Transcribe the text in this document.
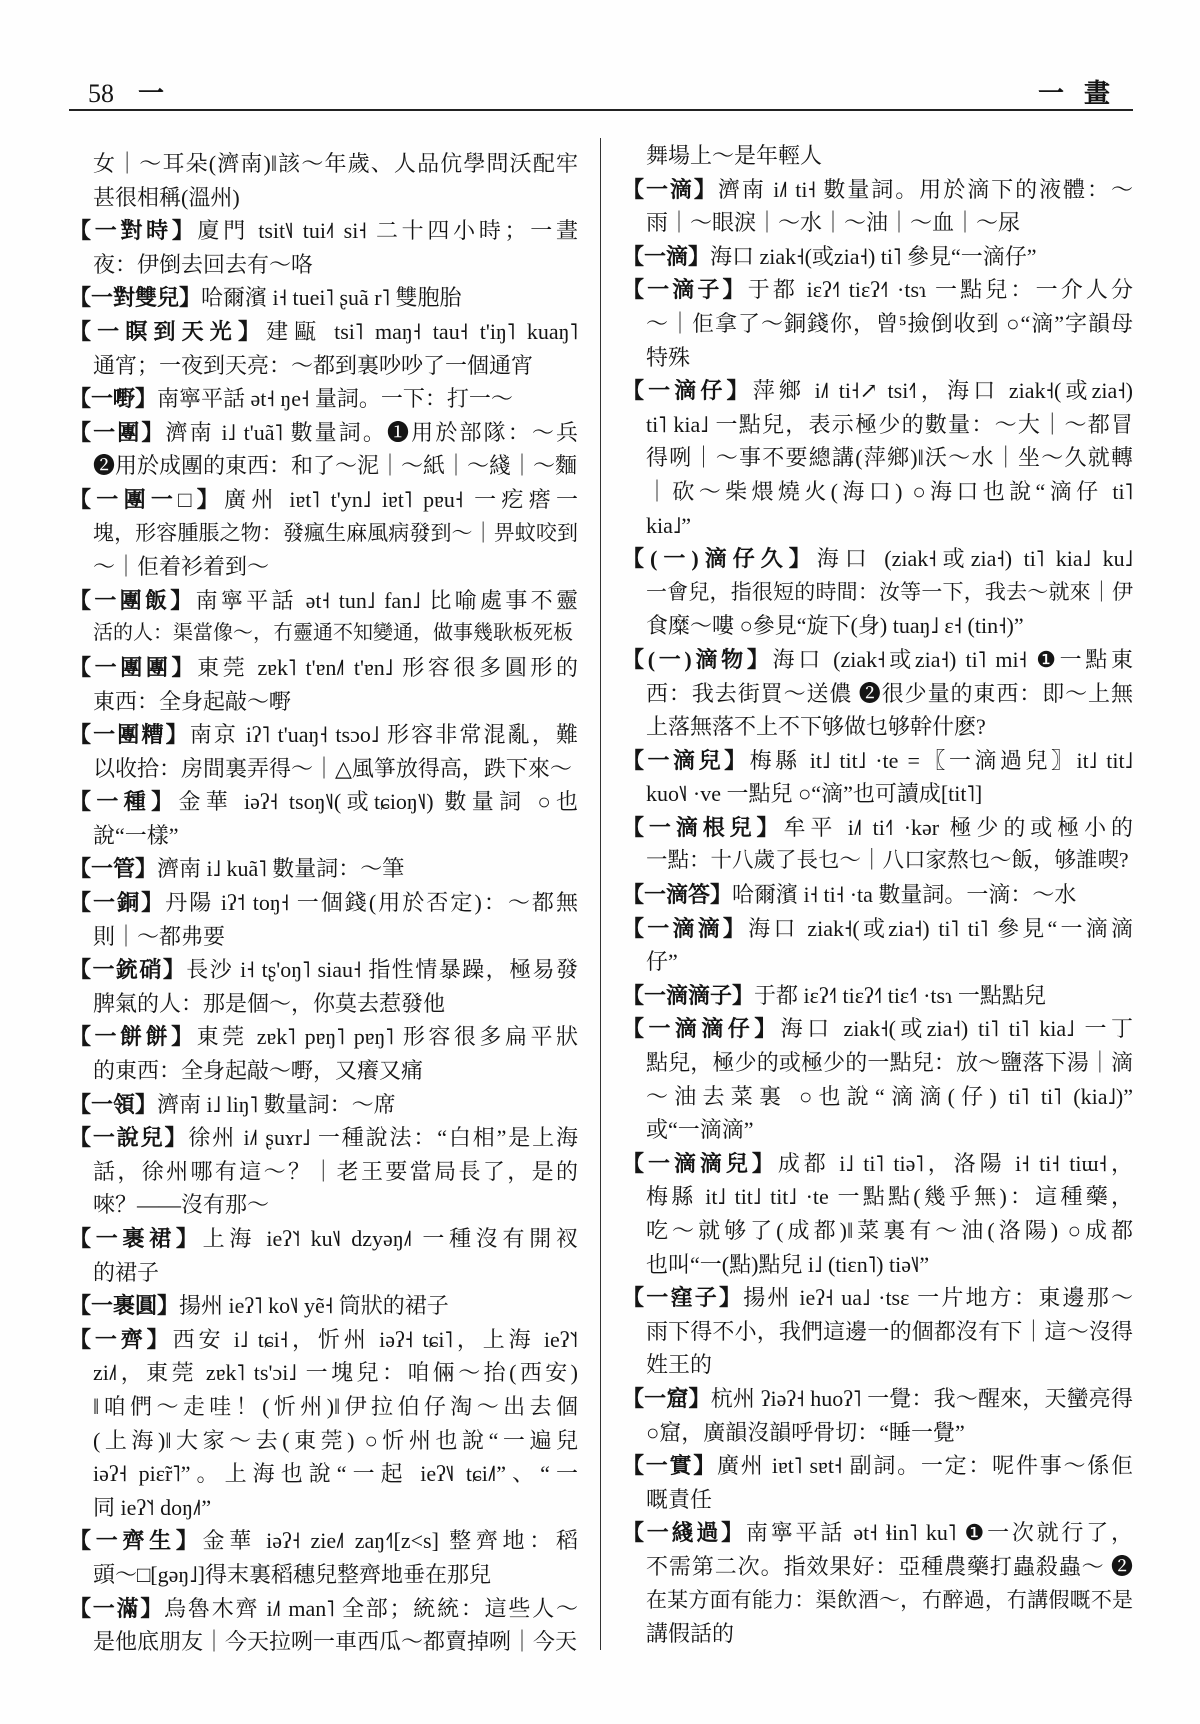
58 一	一 畫
女｜～耳朵(濟南)‖該～年歲、人品伉學問沃配牢
甚很相稱(溫州)
【一對時】廈門 tsit˥˩ tui˨˦ si˧ 二十四小時；一晝
夜：伊倒去回去有～咯
【一對雙兒】哈爾濱 i˧ tuei˥ ʂuã r˥ 雙胞胎
【一瞑到天光】建甌 tsi˥ maŋ˧ tau˧ t'iŋ˥ kuaŋ˥
通宵；一夜到天亮：～都到裏吵吵了一個通宵
【一嘢】南寧平話 ət˧ ŋe˧ 量詞。一下：打一～
【一團】濟南 i˩ t'uã˥ 數量詞。❶用於部隊：～兵
❷用於成團的東西：和了～泥｜～紙｜～綫｜～麵
【一團一□】廣州 iɐt˥ t'yn˩ iɐt˥ pɐu˧ 一疙瘩一
塊，形容腫脹之物：發瘋生麻風病發到～｜畀蚊咬到
～｜佢着衫着到～
【一團飯】南寧平話 ət˧ tun˩ fan˩ 比喻處事不靈
活的人：渠當像～，冇靈通不知變通，做事幾耿板死板
【一團團】東莞 zɐk˥ t'ɐn˩˥ t'ɐn˩ 形容很多圓形的
東西：全身起敲～嘢
【一團糟】南京 iʔ˥ t'uaŋ˧ tsɔo˩ 形容非常混亂，難
以收拾：房間裏弄得～｜△風箏放得高，跌下來～
【一種】金華 iəʔ˧ tsoŋ˥˩(或tɕioŋ˥˩) 數量詞 ○也
說“一樣”
【一管】濟南 i˩ kuã˥ 數量詞：～筆
【一銅】丹陽 iʔ˦ toŋ˧ 一個錢(用於否定)：～都無
則｜～都弗要
【一銃硝】長沙 i˧ tʂ'oŋ˥ siau˧ 指性情暴躁，極易發
脾氣的人：那是個～，你莫去惹發他
【一餅餅】東莞 zɐk˥ pɐŋ˥ pɐŋ˥ 形容很多扁平狀
的東西：全身起敲～嘢，又癢又痛
【一領】濟南 i˩ liŋ˥ 數量詞：～席
【一說兒】徐州 i˩˦ ʂuɤr˩ 一種說法：“白相”是上海
話，徐州哪有這～？｜老王要當局長了，是的
唻？——沒有那～
【一裹裙】上海 ieʔ˥˦ ku˥˩ dzyəŋ˩˦ 一種沒有開衩
的裙子
【一裹圓】揚州 ieʔ˥ ko˥˩ yẽ˧ 筒狀的裙子
【一齊】西安 i˩ tɕi˧，忻州 iəʔ˧ tɕi˥，上海 ieʔ˥˦
zi˩˦，東莞 zɐk˥ ts'ɔi˩ 一塊兒：咱倆～抬(西安)
‖咱們～走哇！(忻州)‖伊拉伯仔淘～出去個
(上海)‖大家～去(東莞) ○忻州也說“一遍兒
iəʔ˧ piɛ̃r˥”。上海也說“一起 ieʔ˥˩ tɕi˩˥”、“一
同 ieʔ˥˦ doŋ˩˦”
【一齊生】金華 iəʔ˧ zie˩˥ zaŋ˧˥[z<s] 整齊地：稻
頭～□[gəŋ˩]得末裏稻穗兒整齊地垂在那兒
【一滿】烏魯木齊 i˩˥ man˥ 全部；統統：這些人～
是他底朋友｜今天拉咧一車西瓜～都賣掉咧｜今天
舞場上～是年輕人
【一滴】濟南 i˩˥ ti˧ 數量詞。用於滴下的液體：～
雨｜～眼淚｜～水｜～油｜～血｜～尿
【一滴】海口 ziak˧(或zia˧) ti˥ 參見“一滴仔”
【一滴子】于都 iɛʔ˧˥ tiɛʔ˧˥ ·tsɿ 一點兒：一介人分
～｜佢拿了～銅錢你，曾⁵撿倒收到 ○“滴”字韻母
特殊
【一滴仔】萍鄉 i˩˥ ti˧↗ tsi˧˥，海口 ziak˧(或zia˧)
ti˥ kia˩ 一點兒，表示極少的數量：～大｜～都冒
得咧｜～事不要總講(萍鄉)‖沃～水｜坐～久就轉
｜砍～柴煨燒火(海口) ○海口也說“滴仔 ti˥
kia˩”
【(一)滴仔久】海口 (ziak˧或zia˧) ti˥ kia˩ ku˩
一會兒，指很短的時間：汝等一下，我去～就來｜伊
食糜～嘍 ○參見“旋下(身) tuaŋ˩ ɛ˧ (tin˧)”
【(一)滴物】海口 (ziak˧或zia˧) ti˥ mi˧ ❶一點東
西：我去街買～送儂 ❷很少量的東西：即～上無
上落無落不上不下够做乜够幹什麽?
【一滴兒】梅縣 it˩ tit˩ ·te =〖一滴過兒〗it˩ tit˩
kuo˥˩ ·ve 一點兒 ○“滴”也可讀成[tit˥]
【一滴根兒】牟平 i˩˥ ti˧˥ ·kər 極少的或極小的
一點：十八歲了長乜～｜八口家熬乜～飯，够誰喫?
【一滴答】哈爾濱 i˧ ti˧ ·ta 數量詞。一滴：～水
【一滴滴】海口 ziak˧(或zia˧) ti˥ ti˥ 參見“一滴滴
仔”
【一滴滴子】于都 iɛʔ˧˥ tiɛʔ˧˥ tiɛ˧˥ ·tsɿ 一點點兒
【一滴滴仔】海口 ziak˧(或zia˧) ti˥ ti˥ kia˩ 一丁
點兒，極少的或極少的一點兒：放～鹽落下湯｜滴
～油去菜裏 ○也說“滴滴(仔) ti˥ ti˥ (kia˩)”
或“一滴滴”
【一滴滴兒】成都 i˩ ti˥ tiə˥，洛陽 i˧ ti˧ tiɯ˧，
梅縣 it˩ tit˩ tit˩ ·te 一點點(幾乎無)：這種藥，
吃～就够了(成都)‖菜裏有～油(洛陽) ○成都
也叫“一(點)點兒 i˩ (tiɛn˥) tiə˥˩”
【一窪子】揚州 ieʔ˧ ua˩ ·tsɛ 一片地方：東邊那～
雨下得不小，我們這邊一的個都沒有下｜這～沒得
姓王的
【一窟】杭州 ʔiəʔ˧ huoʔ˥ 一覺：我～醒來，天蠻亮得
○窟，廣韻沒韻呼骨切：“睡一覺”
【一實】廣州 iɐt˥ sɐt˧ 副詞。一定：呢件事～係佢
嘅責任
【一綫過】南寧平話 ət˧ ɬin˥ ku˥ ❶一次就行了，
不需第二次。指效果好：亞種農藥打蟲殺蟲～ ❷
在某方面有能力：渠飲酒～，冇醉過，冇講假嘅不是
講假話的
